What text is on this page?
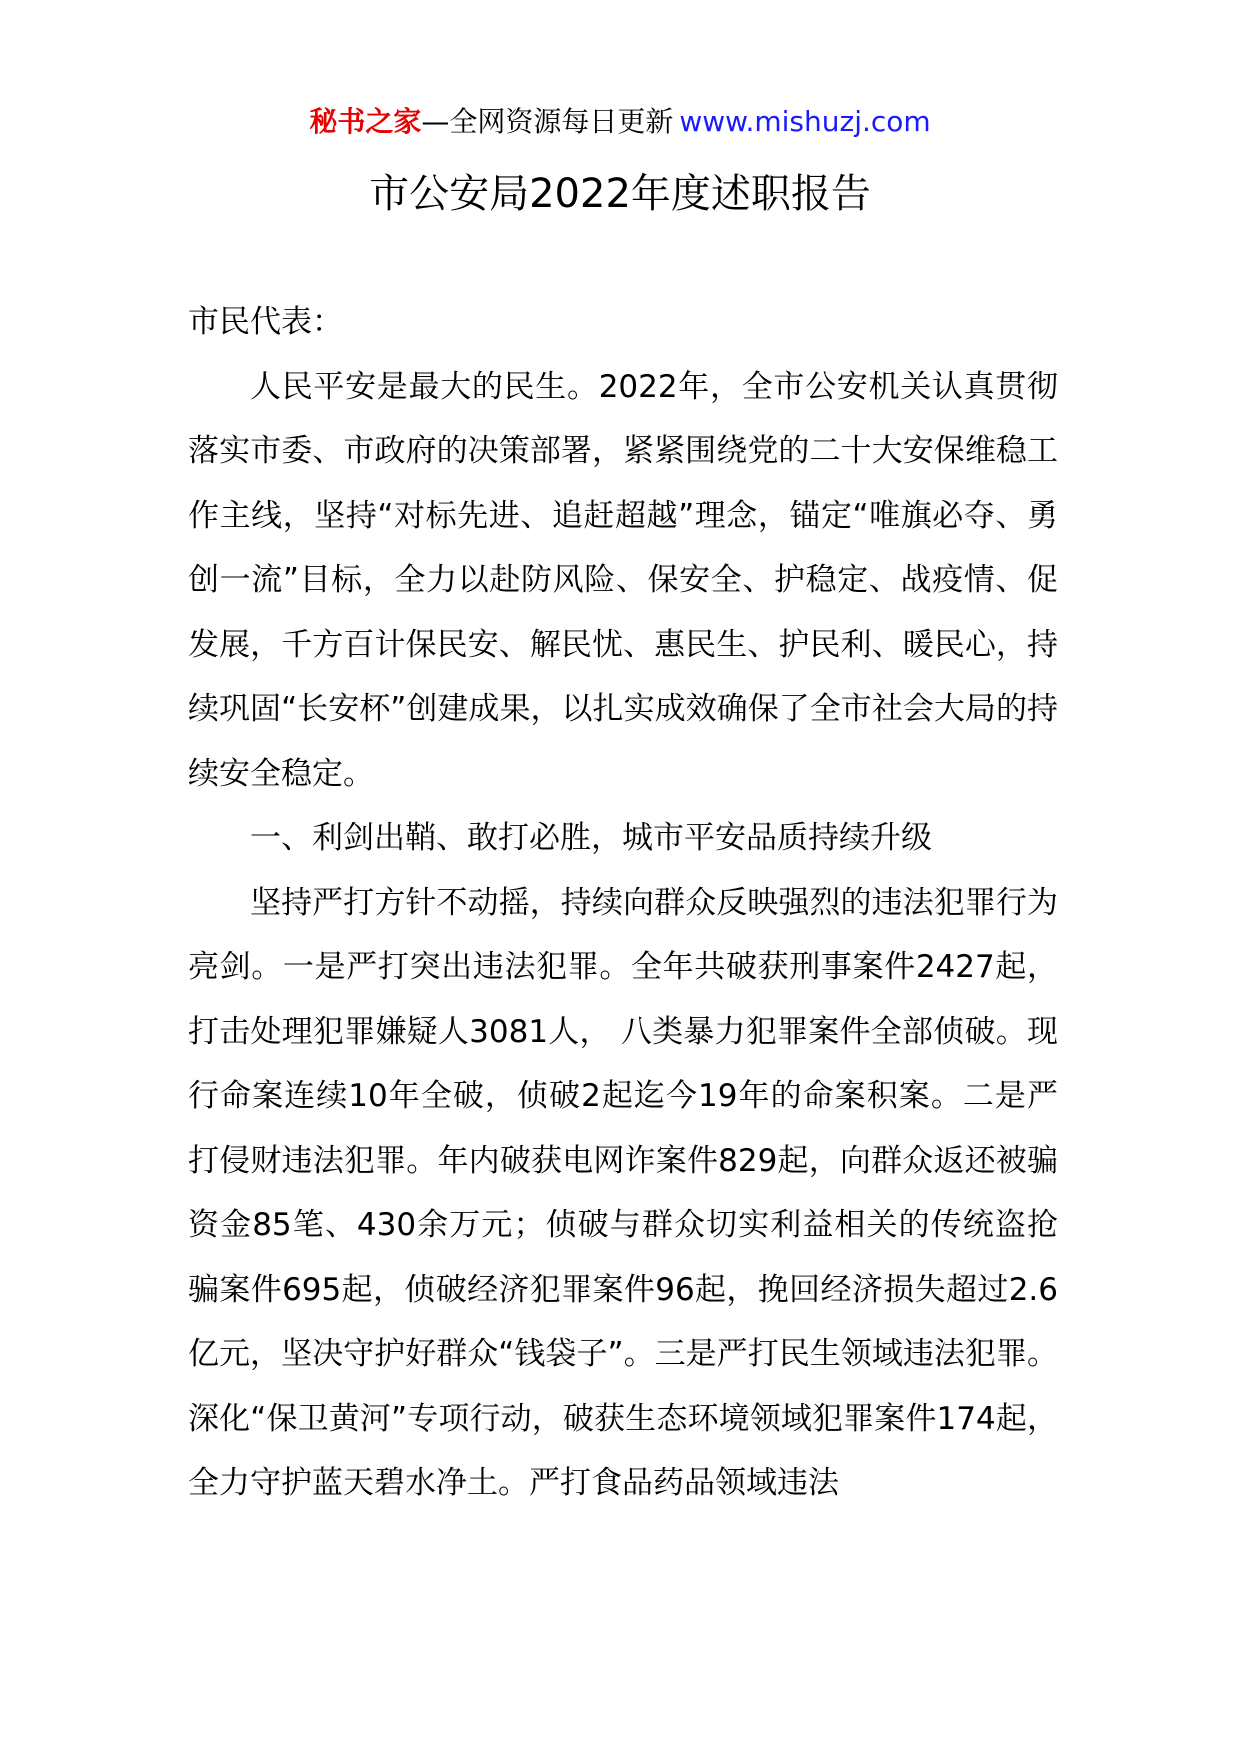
秘书之家—全网资源每日更新 www.mishuzj.com
市公安局2022年度述职报告

市民代表：

人民平安是最大的民生。2022年，全市公安机关认真贯彻落实市委、市政府的决策部署，紧紧围绕党的二十大安保维稳工作主线，坚持“对标先进、追赶超越”理念，锚定“唯旗必夺、勇创一流”目标，全力以赴防风险、保安全、护稳定、战疫情、促发展，千方百计保民安、解民忧、惠民生、护民利、暖民心，持续巩固“长安杯”创建成果，以扎实成效确保了全市社会大局的持续安全稳定。

一、利剑出鞘、敢打必胜，城市平安品质持续升级

坚持严打方针不动摇，持续向群众反映强烈的违法犯罪行为亮剑。一是严打突出违法犯罪。全年共破获刑事案件2427起，打击处理犯罪嫌疑人3081人， 八类暴力犯罪案件全部侦破。现行命案连续10年全破，侦破2起迄今19年的命案积案。二是严打侵财违法犯罪。年内破获电网诈案件829起，向群众返还被骗资金85笔、430余万元；侦破与群众切实利益相关的传统盗抢骗案件695起，侦破经济犯罪案件96起，挽回经济损失超过2.6亿元，坚决守护好群众“钱袋子”。三是严打民生领域违法犯罪。深化“保卫黄河”专项行动，破获生态环境领域犯罪案件174起，全力守护蓝天碧水净土。严打食品药品领域违法
